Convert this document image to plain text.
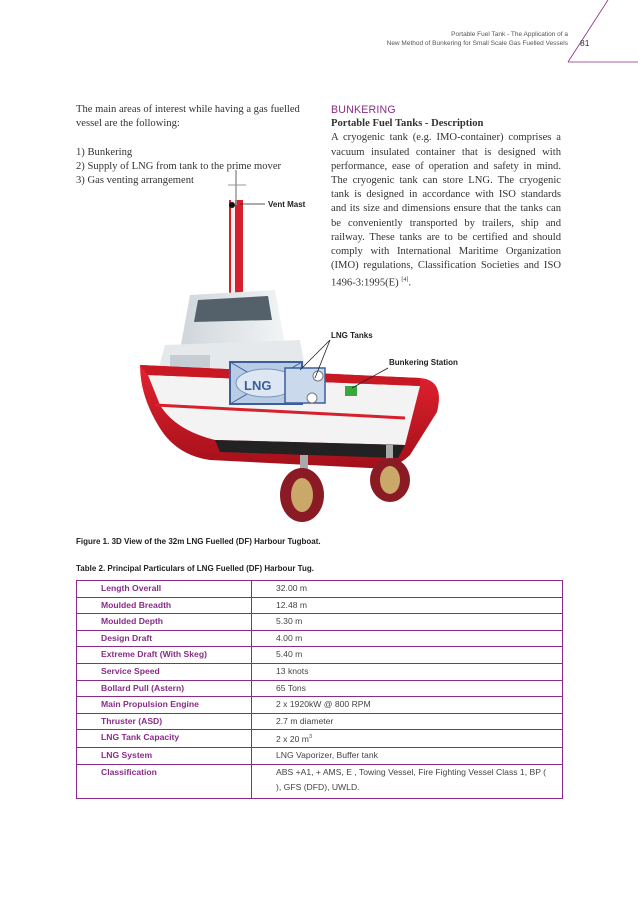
Portable Fuel Tank - The Application of a
New Method of Bunkering for Small Scale Gas Fuelled Vessels 81

The main areas of interest while having a gas fuelled vessel are the following:

1) Bunkering
2) Supply of LNG from tank to the prime mover
3) Gas venting arrangement
BUNKERING
Portable Fuel Tanks - Description
A cryogenic tank (e.g. IMO-container) comprises a vacuum insulated container that is designed with performance, ease of operation and safety in mind. The cryogenic tank can store LNG. The cryogenic tank is designed in accordance with ISO standards and its size and dimensions ensure that the tanks can be conveniently transported by trailers, ship and railway. These tanks are to be certified and should comply with International Maritime Organization (IMO) regulations, Classification Societies and ISO 1496-3:1995(E) [4].
LNG
Vent Mast
LNG Tanks
Bunkering Station
Figure 1. 3D View of the 32m LNG Fuelled (DF) Harbour Tugboat.
Table 2. Principal Particulars of LNG Fuelled (DF) Harbour Tug.
Length Overall	32.00 m
Moulded Breadth	12.48 m
Moulded Depth	5.30 m
Design Draft	4.00 m
Extreme Draft (With Skeg)	5.40 m
Service Speed	13 knots
Bollard Pull (Astern)	65 Tons
Main Propulsion Engine	2 x 1920kW @ 800 RPM
Thruster (ASD)	2.7 m diameter
LNG Tank Capacity	2 x 20 $m^3$
LNG System	LNG Vaporizer, Buffer tank
Classification	ABS +A1, + AMS, E , Towing Vessel, Fire Fighting Vessel Class 1, BP ( ), GFS (DFD), UWLD.
